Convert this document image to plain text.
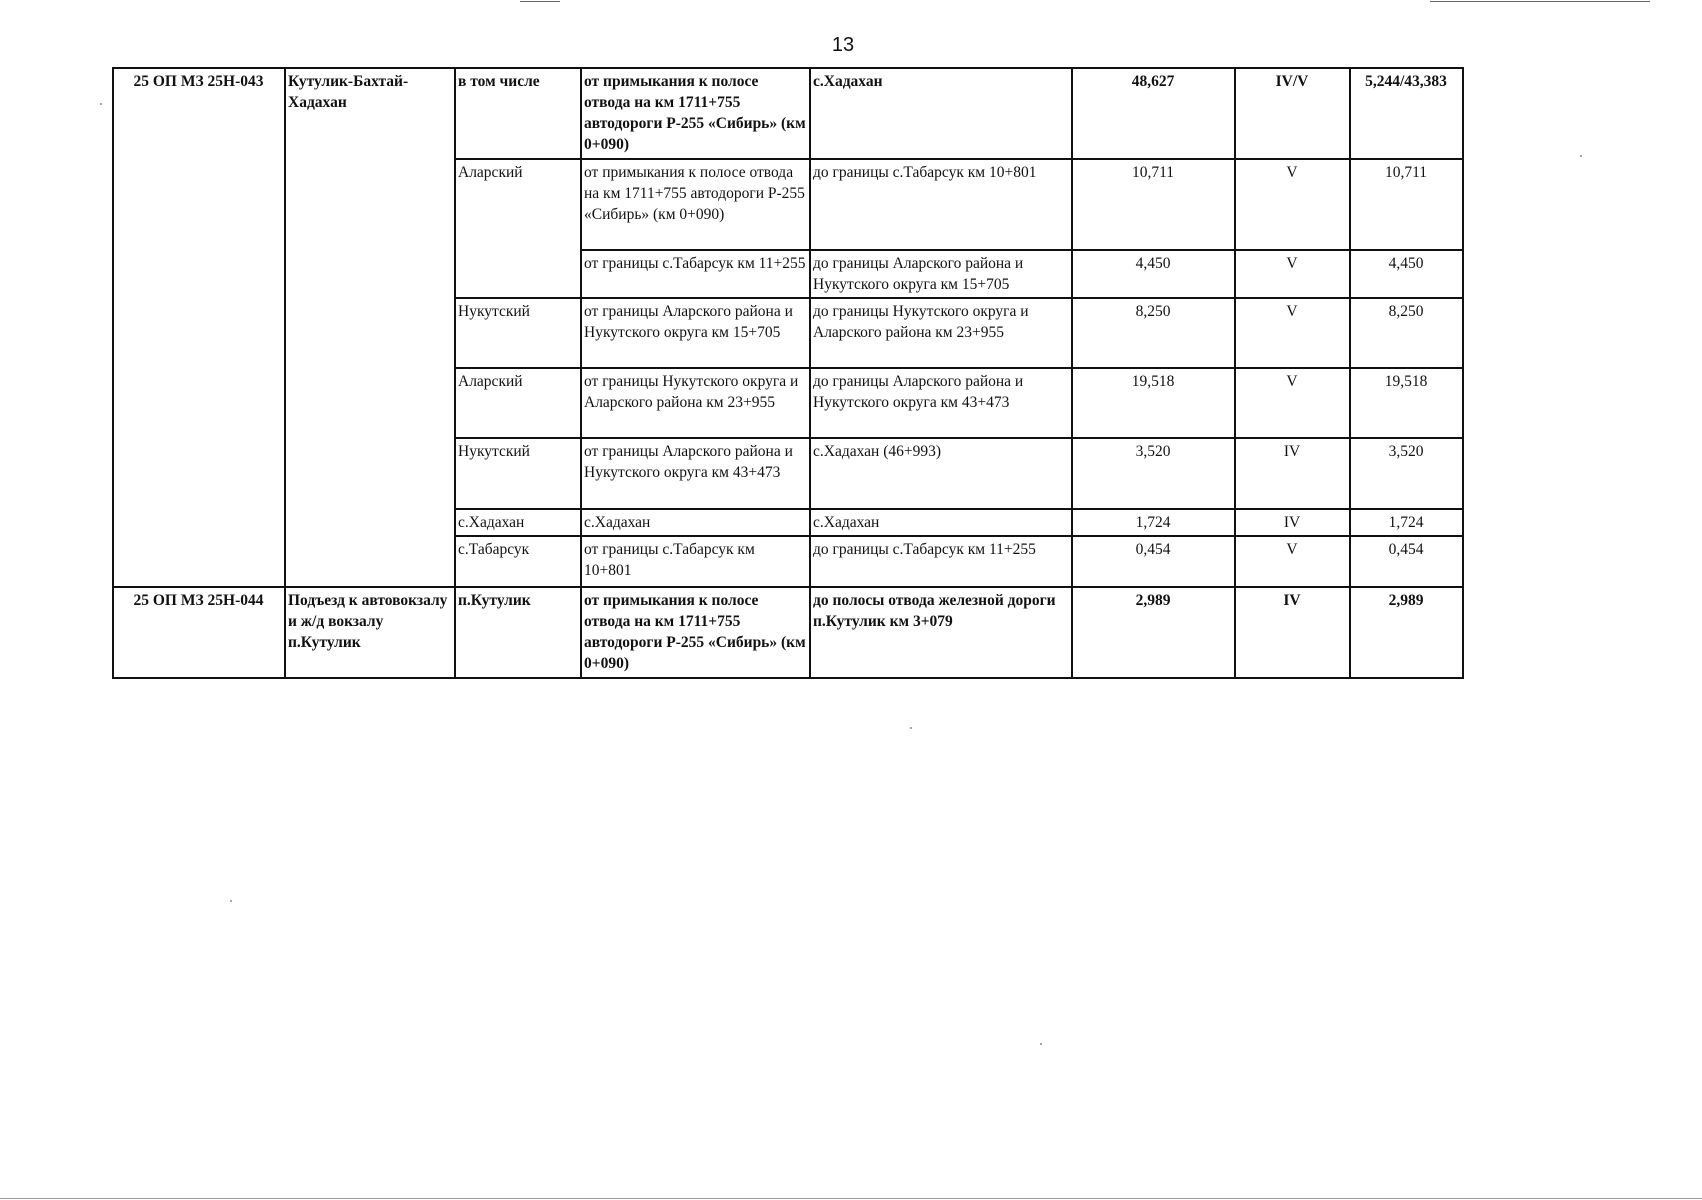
13
25 ОП МЗ 25Н-043	Кутулик-Бахтай-Хадахан	в том числе	от примыкания к полосе отвода на км 1711+755 автодороги Р-255 «Сибирь» (км 0+090)	с.Хадахан	48,627	IV/V	5,244/43,383
		Аларский	от примыкания к полосе отвода на км 1711+755 автодороги Р-255 «Сибирь» (км 0+090)	до границы с.Табарсук км 10+801	10,711	V	10,711
			от границы с.Табарсук км 11+255	до границы Аларского района и Нукутского округа км 15+705	4,450	V	4,450
		Нукутский	от границы Аларского района и Нукутского округа км 15+705	до границы Нукутского округа и Аларского района км 23+955	8,250	V	8,250
		Аларский	от границы Нукутского округа и Аларского района км 23+955	до границы Аларского района и Нукутского округа км 43+473	19,518	V	19,518
		Нукутский	от границы Аларского района и Нукутского округа км 43+473	с.Хадахан (46+993)	3,520	IV	3,520
		с.Хадахан	с.Хадахан	с.Хадахан	1,724	IV	1,724
		с.Табарсук	от границы с.Табарсук км 10+801	до границы с.Табарсук км 11+255	0,454	V	0,454
25 ОП МЗ 25Н-044	Подъезд к автовокзалу и ж/д вокзалу п.Кутулик	п.Кутулик	от примыкания к полосе отвода на км 1711+755 автодороги Р-255 «Сибирь» (км 0+090)	до полосы отвода железной дороги п.Кутулик км 3+079	2,989	IV	2,989
